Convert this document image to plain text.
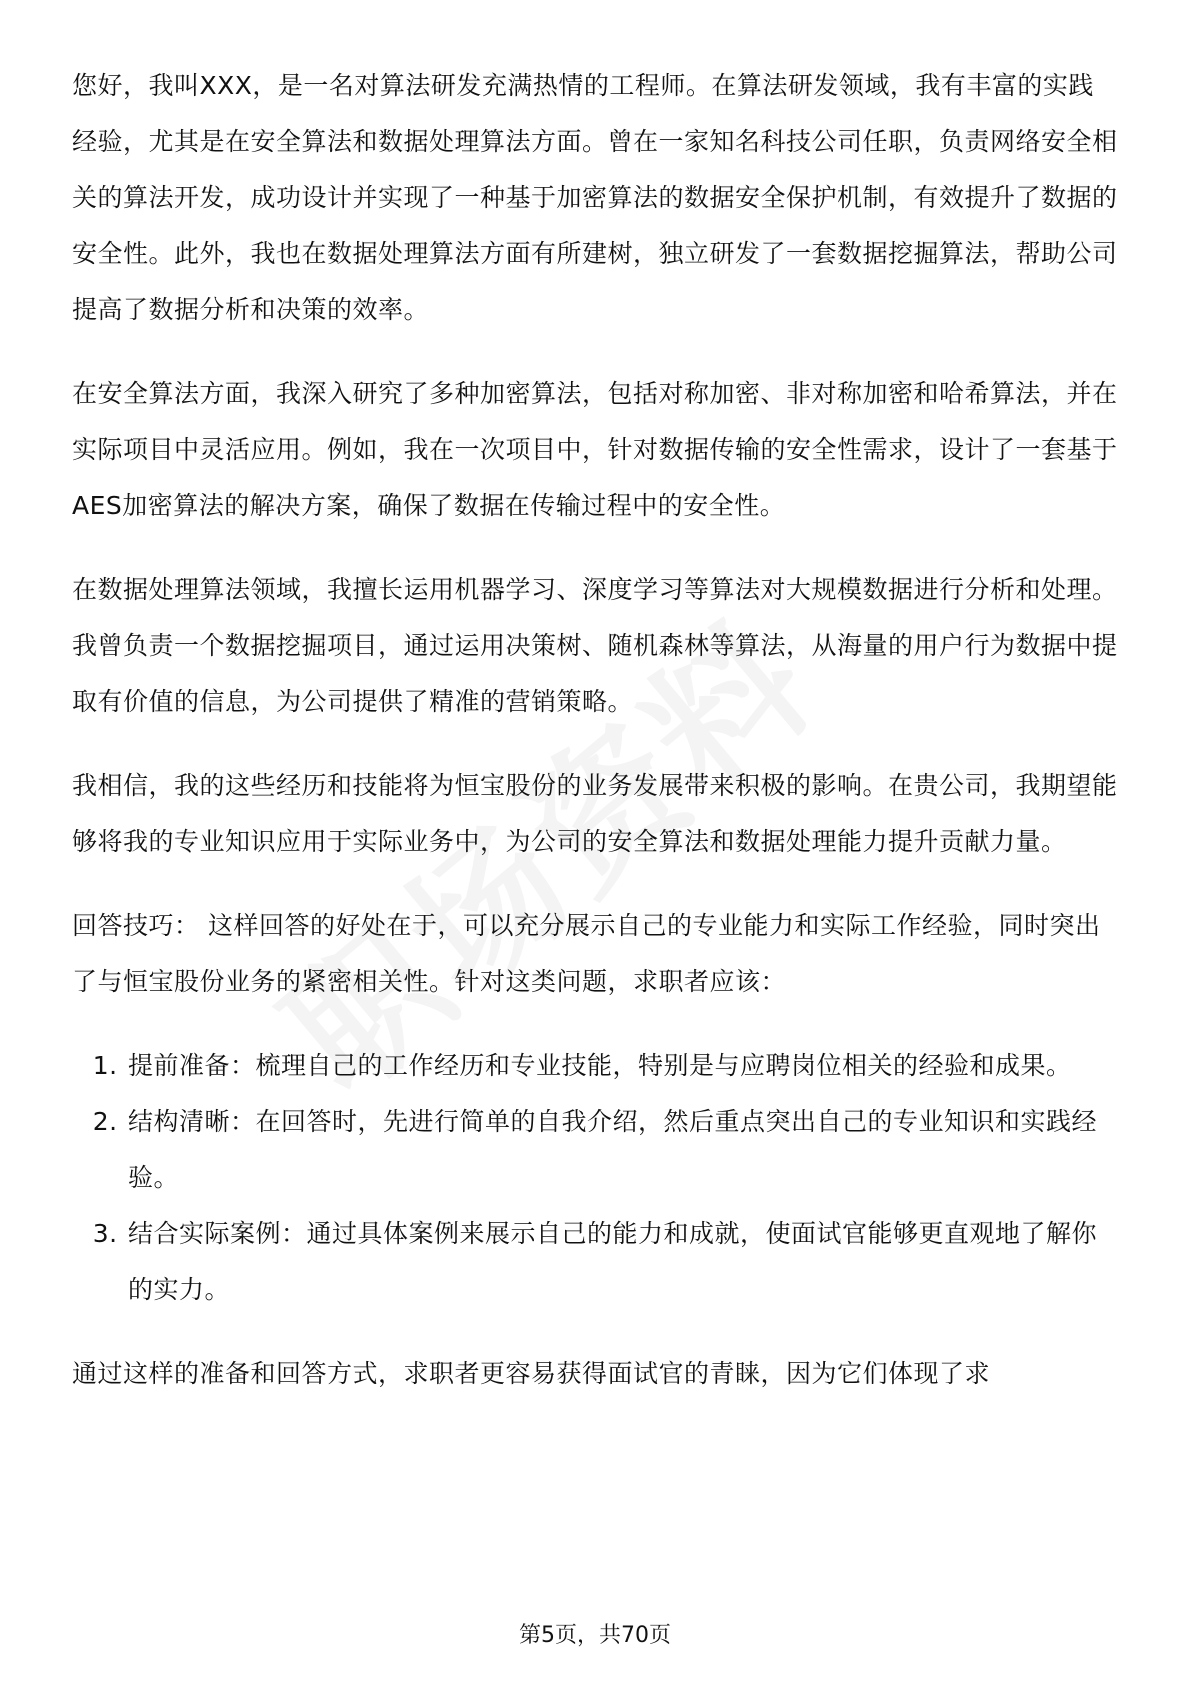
您好，我叫XXX，是一名对算法研发充满热情的工程师。在算法研发领域，我有丰富的实践经验，尤其是在安全算法和数据处理算法方面。曾在一家知名科技公司任职，负责网络安全相关的算法开发，成功设计并实现了一种基于加密算法的数据安全保护机制，有效提升了数据的安全性。此外，我也在数据处理算法方面有所建树，独立研发了一套数据挖掘算法，帮助公司提高了数据分析和决策的效率。

在安全算法方面，我深入研究了多种加密算法，包括对称加密、非对称加密和哈希算法，并在实际项目中灵活应用。例如，我在一次项目中，针对数据传输的安全性需求，设计了一套基于AES加密算法的解决方案，确保了数据在传输过程中的安全性。

在数据处理算法领域，我擅长运用机器学习、深度学习等算法对大规模数据进行分析和处理。我曾负责一个数据挖掘项目，通过运用决策树、随机森林等算法，从海量的用户行为数据中提取有价值的信息，为公司提供了精准的营销策略。

我相信，我的这些经历和技能将为恒宝股份的业务发展带来积极的影响。在贵公司，我期望能够将我的专业知识应用于实际业务中，为公司的安全算法和数据处理能力提升贡献力量。

回答技巧： 这样回答的好处在于，可以充分展示自己的专业能力和实际工作经验，同时突出了与恒宝股份业务的紧密相关性。针对这类问题，求职者应该：

1. 提前准备：梳理自己的工作经历和专业技能，特别是与应聘岗位相关的经验和成果。
2. 结构清晰：在回答时，先进行简单的自我介绍，然后重点突出自己的专业知识和实践经验。
3. 结合实际案例：通过具体案例来展示自己的能力和成就，使面试官能够更直观地了解你的实力。

通过这样的准备和回答方式，求职者更容易获得面试官的青睐，因为它们体现了求

第5页，共70页
